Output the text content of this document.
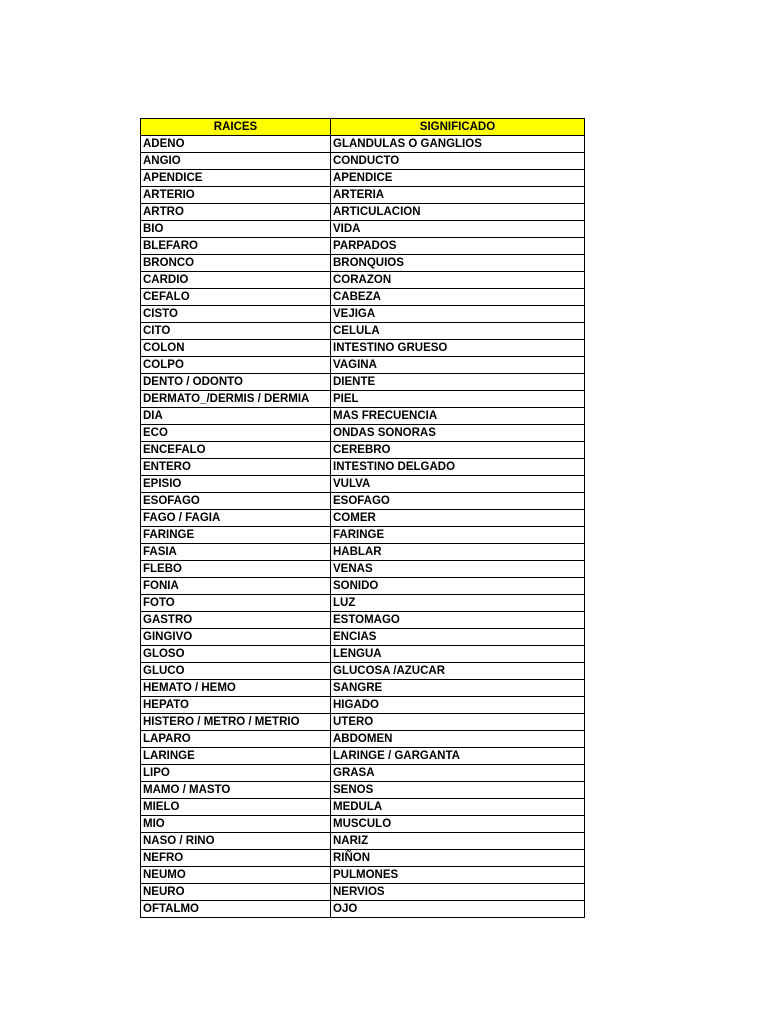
RAICES	SIGNIFICADO
ADENO	GLANDULAS O GANGLIOS
ANGIO	CONDUCTO
APENDICE	APENDICE
ARTERIO	ARTERIA
ARTRO	ARTICULACION
BIO	VIDA
BLEFARO	PARPADOS
BRONCO	BRONQUIOS
CARDIO	CORAZON
CEFALO	CABEZA
CISTO	VEJIGA
CITO	CELULA
COLON	INTESTINO GRUESO
COLPO	VAGINA
DENTO / ODONTO	DIENTE
DERMATO_/DERMIS / DERMIA	PIEL
DIA	MAS FRECUENCIA
ECO	ONDAS SONORAS
ENCEFALO	CEREBRO
ENTERO	INTESTINO DELGADO
EPISIO	VULVA
ESOFAGO	ESOFAGO
FAGO / FAGIA	COMER
FARINGE	FARINGE
FASIA	HABLAR
FLEBO	VENAS
FONIA	SONIDO
FOTO	LUZ
GASTRO	ESTOMAGO
GINGIVO	ENCIAS
GLOSO	LENGUA
GLUCO	GLUCOSA /AZUCAR
HEMATO / HEMO	SANGRE
HEPATO	HIGADO
HISTERO / METRO / METRIO	UTERO
LAPARO	ABDOMEN
LARINGE	LARINGE / GARGANTA
LIPO	GRASA
MAMO / MASTO	SENOS
MIELO	MEDULA
MIO	MUSCULO
NASO / RINO	NARIZ
NEFRO	RIÑON
NEUMO	PULMONES
NEURO	NERVIOS
OFTALMO	OJO
